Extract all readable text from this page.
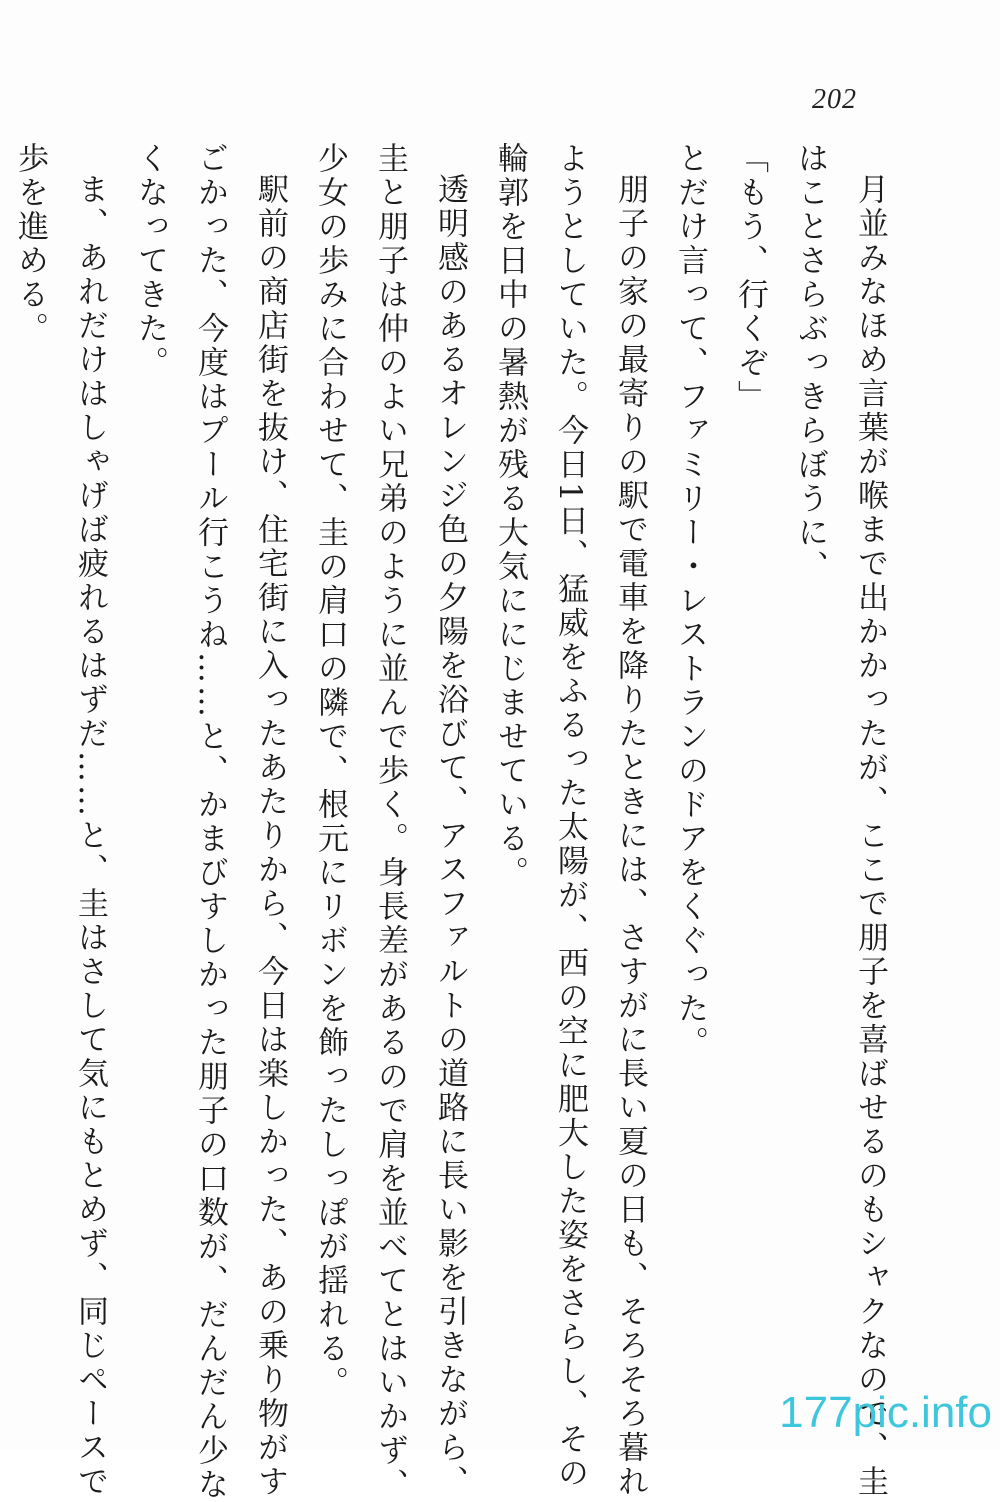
202
月並みなほめ言葉が喉まで出かかったが、ここで朋子を喜ばせるのもシャクなので、圭
はことさらぶっきらぼうに、
「もう、行くぞ」
とだけ言って、ファミリー・レストランのドアをくぐった。
朋子の家の最寄りの駅で電車を降りたときには、さすがに長い夏の日も、そろそろ暮れ
ようとしていた。今日1日、猛威をふるった太陽が、西の空に肥大した姿をさらし、その
輪郭を日中の暑熱が残る大気ににじませている。
透明感のあるオレンジ色の夕陽を浴びて、アスファルトの道路に長い影を引きながら、
圭と朋子は仲のよい兄弟のように並んで歩く。身長差があるので肩を並べてとはいかず、
少女の歩みに合わせて、圭の肩口の隣で、根元にリボンを飾ったしっぽが揺れる。
駅前の商店街を抜け、住宅街に入ったあたりから、今日は楽しかった、あの乗り物がす
ごかった、今度はプール行こうね……と、かまびすしかった朋子の口数が、だんだん少な
くなってきた。
ま、あれだけはしゃげば疲れるはずだ……と、圭はさして気にもとめず、同じペースで
歩を進める。
177pic.info
